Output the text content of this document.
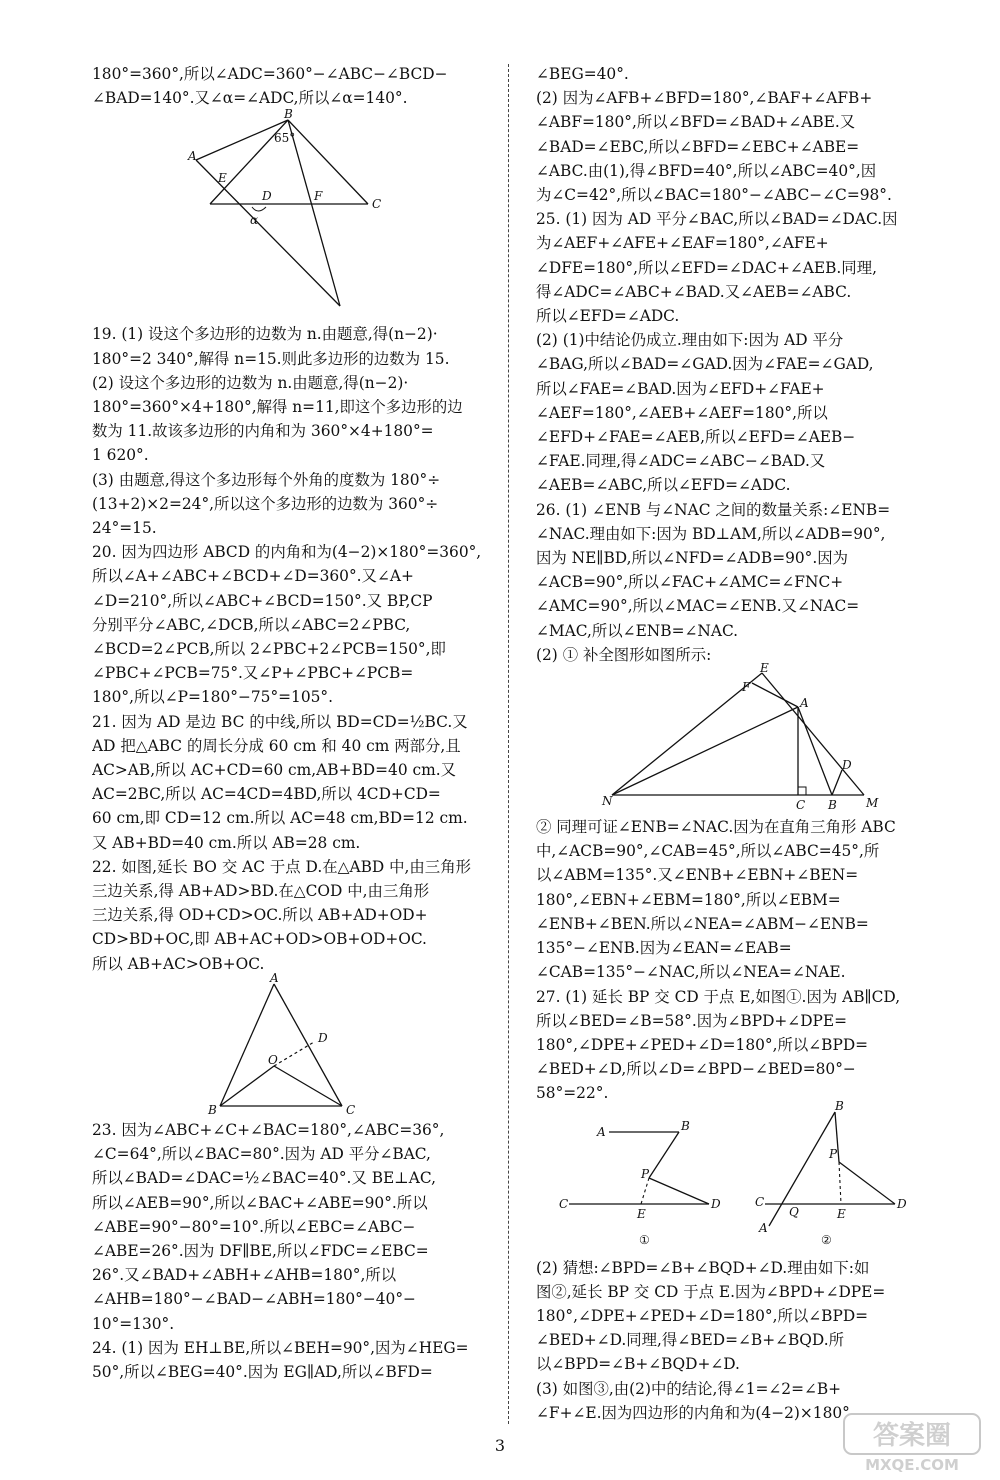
180°=360°,所以∠ADC=360°−∠ABC−∠BCD−
∠BAD=140°.又∠α=∠ADC,所以∠α=140°.
B
65°
A
E
D	F
C
α
19. (1) 设这个多边形的边数为 n.由题意,得(n−2)·
180°=2 340°,解得 n=15.则此多边形的边数为 15.
(2) 设这个多边形的边数为 n.由题意,得(n−2)·
180°=360°×4+180°,解得 n=11,即这个多边形的边
数为 11.故该多边形的内角和为 360°×4+180°=
1 620°.
(3) 由题意,得这个多边形每个外角的度数为 180°÷
(13+2)×2=24°,所以这个多边形的边数为 360°÷
24°=15.
20. 因为四边形 ABCD 的内角和为(4−2)×180°=360°,
所以∠A+∠ABC+∠BCD+∠D=360°.又∠A+
∠D=210°,所以∠ABC+∠BCD=150°.又 BP,CP
分别平分∠ABC,∠DCB,所以∠ABC=2∠PBC,
∠BCD=2∠PCB,所以 2∠PBC+2∠PCB=150°,即
∠PBC+∠PCB=75°.又∠P+∠PBC+∠PCB=
180°,所以∠P=180°−75°=105°.
21. 因为 AD 是边 BC 的中线,所以 BD=CD=½BC.又
AD 把△ABC 的周长分成 60 cm 和 40 cm 两部分,且
AC>AB,所以 AC+CD=60 cm,AB+BD=40 cm.又
AC=2BC,所以 AC=4CD=4BD,所以 4CD+CD=
60 cm,即 CD=12 cm.所以 AC=48 cm,BD=12 cm.
又 AB+BD=40 cm.所以 AB=28 cm.
22. 如图,延长 BO 交 AC 于点 D.在△ABD 中,由三角形
三边关系,得 AB+AD>BD.在△COD 中,由三角形
三边关系,得 OD+CD>OC.所以 AB+AD+OD+
CD>BD+OC,即 AB+AC+OD>OB+OD+OC.
所以 AB+AC>OB+OC.
A
D
O
B	C
23. 因为∠ABC+∠C+∠BAC=180°,∠ABC=36°,
∠C=64°,所以∠BAC=80°.因为 AD 平分∠BAC,
所以∠BAD=∠DAC=½∠BAC=40°.又 BE⊥AC,
所以∠AEB=90°,所以∠BAC+∠ABE=90°.所以
∠ABE=90°−80°=10°.所以∠EBC=∠ABC−
∠ABE=26°.因为 DF∥BE,所以∠FDC=∠EBC=
26°.又∠BAD+∠ABH+∠AHB=180°,所以
∠AHB=180°−∠BAD−∠ABH=180°−40°−
10°=130°.
24. (1) 因为 EH⊥BE,所以∠BEH=90°,因为∠HEG=
50°,所以∠BEG=40°.因为 EG∥AD,所以∠BFD=
∠BEG=40°.
(2) 因为∠AFB+∠BFD=180°,∠BAF+∠AFB+
∠ABF=180°,所以∠BFD=∠BAD+∠ABE.又
∠BAD=∠EBC,所以∠BFD=∠EBC+∠ABE=
∠ABC.由(1),得∠BFD=40°,所以∠ABC=40°,因
为∠C=42°,所以∠BAC=180°−∠ABC−∠C=98°.
25. (1) 因为 AD 平分∠BAC,所以∠BAD=∠DAC.因
为∠AEF+∠AFE+∠EAF=180°,∠AFE+
∠DFE=180°,所以∠EFD=∠DAC+∠AEB.同理,
得∠ADC=∠ABC+∠BAD.又∠AEB=∠ABC.
所以∠EFD=∠ADC.
(2) (1)中结论仍成立.理由如下:因为 AD 平分
∠BAG,所以∠BAD=∠GAD.因为∠FAE=∠GAD,
所以∠FAE=∠BAD.因为∠EFD+∠FAE+
∠AEF=180°,∠AEB+∠AEF=180°,所以
∠EFD+∠FAE=∠AEB,所以∠EFD=∠AEB−
∠FAE.同理,得∠ADC=∠ABC−∠BAD.又
∠AEB=∠ABC,所以∠EFD=∠ADC.
26. (1) ∠ENB 与∠NAC 之间的数量关系:∠ENB=
∠NAC.理由如下:因为 BD⊥AM,所以∠ADB=90°,
因为 NE∥BD,所以∠NFD=∠ADB=90°.因为
∠ACB=90°,所以∠FAC+∠AMC=∠FNC+
∠AMC=90°,所以∠MAC=∠ENB.又∠NAC=
∠MAC,所以∠ENB=∠NAC.
(2) ① 补全图形如图所示:
E
F
A
D
N	C B M
② 同理可证∠ENB=∠NAC.因为在直角三角形 ABC
中,∠ACB=90°,∠CAB=45°,所以∠ABC=45°,所
以∠ABM=135°.又∠ENB+∠EBN+∠BEN=
180°,∠EBN+∠EBM=180°,所以∠EBM=
∠ENB+∠BEN.所以∠NEA=∠ABM−∠ENB=
135°−∠ENB.因为∠EAN=∠EAB=
∠CAB=135°−∠NAC,所以∠NEA=∠NAE.
27. (1) 延长 BP 交 CD 于点 E,如图①.因为 AB∥CD,
所以∠BED=∠B=58°.因为∠BPD+∠DPE=
180°,∠DPE+∠PED+∠D=180°,所以∠BPD=
∠BED+∠D,所以∠D=∠BPD−∠BED=80°−
58°=22°.
A	B
P
C
E
D
①
B
P
C
Q	E
D
A
②
(2) 猜想:∠BPD=∠B+∠BQD+∠D.理由如下:如
图②,延长 BP 交 CD 于点 E.因为∠BPD+∠DPE=
180°,∠DPE+∠PED+∠D=180°,所以∠BPD=
∠BED+∠D.同理,得∠BED=∠B+∠BQD.所
以∠BPD=∠B+∠BQD+∠D.
(3) 如图③,由(2)中的结论,得∠1=∠2=∠B+
∠F+∠E.因为四边形的内角和为(4−2)×180°
3	答案圈
MXQE.COM
